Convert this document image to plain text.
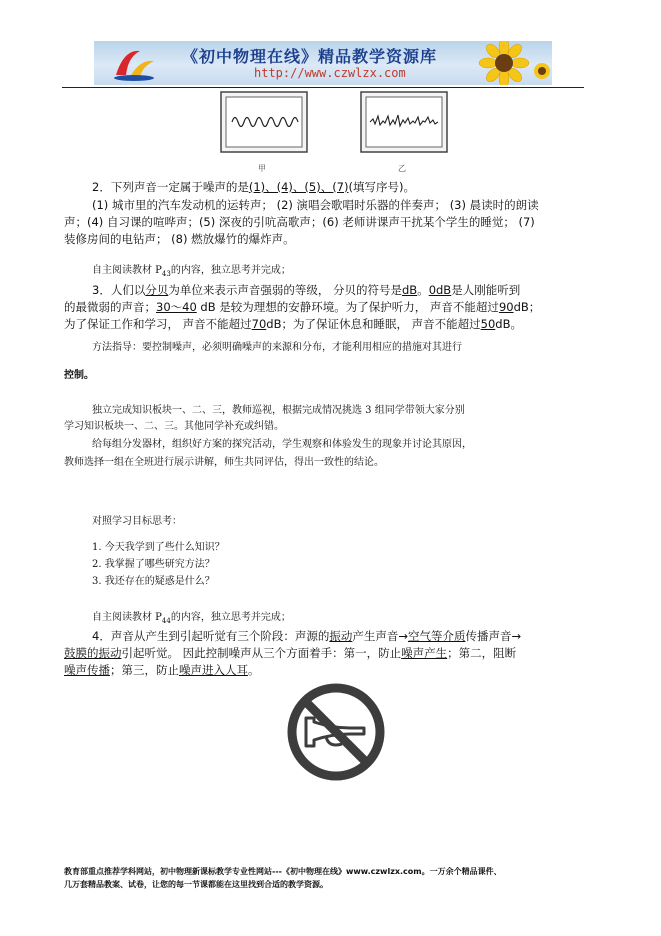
《初中物理在线》精品教学资源库
http://www.czwlzx.com
甲	乙
2．下列声音一定属于噪声的是(1)、(4)、(5)、(7)(填写序号)。
(1) 城市里的汽车发动机的运转声； (2) 演唱会歌唱时乐器的伴奏声； (3) 晨读时的朗读
声；(4) 自习课的喧哗声；(5) 深夜的引吭高歌声；(6) 老师讲课声干扰某个学生的睡觉； (7)
装修房间的电钻声； (8) 燃放爆竹的爆炸声。
自主阅读教材 $P_{43}$的内容，独立思考并完成；
3．人们以分贝为单位来表示声音强弱的等级， 分贝的符号是dB。0dB是人刚能听到
的最微弱的声音；30～40 dB 是较为理想的安静环境。为了保护听力， 声音不能超过90dB；
为了保证工作和学习， 声音不能超过70dB；为了保证休息和睡眠， 声音不能超过50dB。
方法指导：要控制噪声，必须明确噪声的来源和分布，才能利用相应的措施对其进行
控制。
独立完成知识板块一、二、三，教师巡视，根据完成情况挑选 3 组同学带领大家分别
学习知识板块一、二、三。其他同学补充或纠错。
给每组分发器材，组织好方案的探究活动，学生观察和体验发生的现象并讨论其原因，
教师选择一组在全班进行展示讲解，师生共同评估，得出一致性的结论。
对照学习目标思考：
1. 今天我学到了些什么知识？
2. 我掌握了哪些研究方法？
3. 我还存在的疑惑是什么？
自主阅读教材 $P_{44}$的内容，独立思考并完成；
4．声音从产生到引起听觉有三个阶段：声源的振动产生声音→空气等介质传播声音→
鼓膜的振动引起听觉。 因此控制噪声从三个方面着手：第一，防止噪声产生；第二，阻断
噪声传播；第三，防止噪声进入人耳。
教育部重点推荐学科网站，初中物理新课标教学专业性网站---《初中物理在线》www.czwlzx.com。一万余个精品课件、
几万套精品教案、试卷，让您的每一节课都能在这里找到合适的教学资源。
